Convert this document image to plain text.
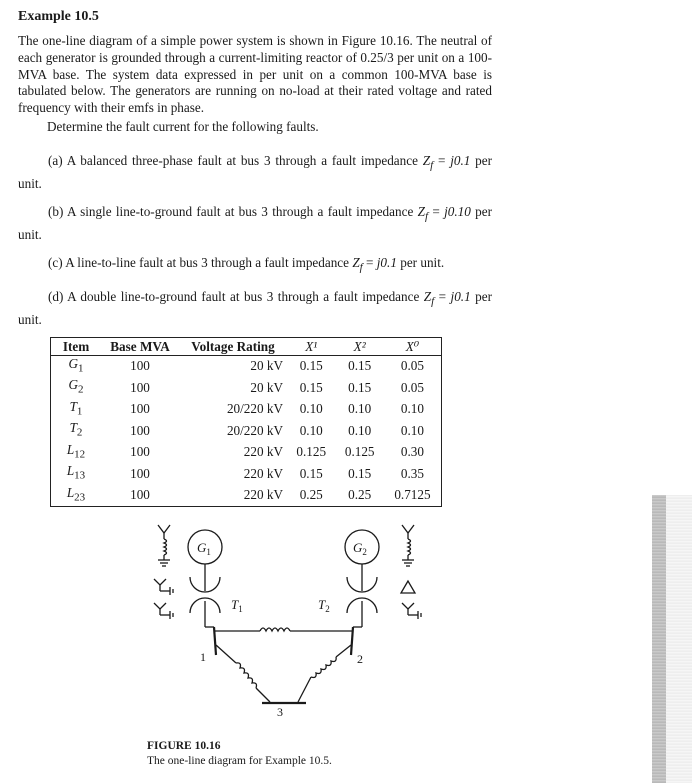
Example 10.5
The one-line diagram of a simple power system is shown in Figure 10.16. The neutral of each generator is grounded through a current-limiting reactor of 0.25/3 per unit on a 100-MVA base. The system data expressed in per unit on a common 100-MVA base is tabulated below. The generators are running on no-load at their rated voltage and rated frequency with their emfs in phase.
Determine the fault current for the following faults.
(a) A balanced three-phase fault at bus 3 through a fault impedance $Z_f = j0.1$ per unit.
(b) A single line-to-ground fault at bus 3 through a fault impedance $Z_f = j0.10$ per unit.
(c) A line-to-line fault at bus 3 through a fault impedance $Z_f = j0.1$ per unit.
(d) A double line-to-ground fault at bus 3 through a fault impedance $Z_f = j0.1$ per unit.
Item	Base MVA	Voltage Rating	X¹	X²	X⁰
$G_1$	100	20 kV	0.15	0.15	0.05
$G_2$	100	20 kV	0.15	0.15	0.05
$T_1$	100	20/220 kV	0.10	0.10	0.10
$T_2$	100	20/220 kV	0.10	0.10	0.10
$L_{12}$	100	220 kV	0.125	0.125	0.30
$L_{13}$	100	220 kV	0.15	0.15	0.35
$L_{23}$	100	220 kV	0.25	0.25	0.7125
$G_1$
$T_1$
1
$G_2$
$T_2$
2
3
FIGURE 10.16
The one-line diagram for Example 10.5.
